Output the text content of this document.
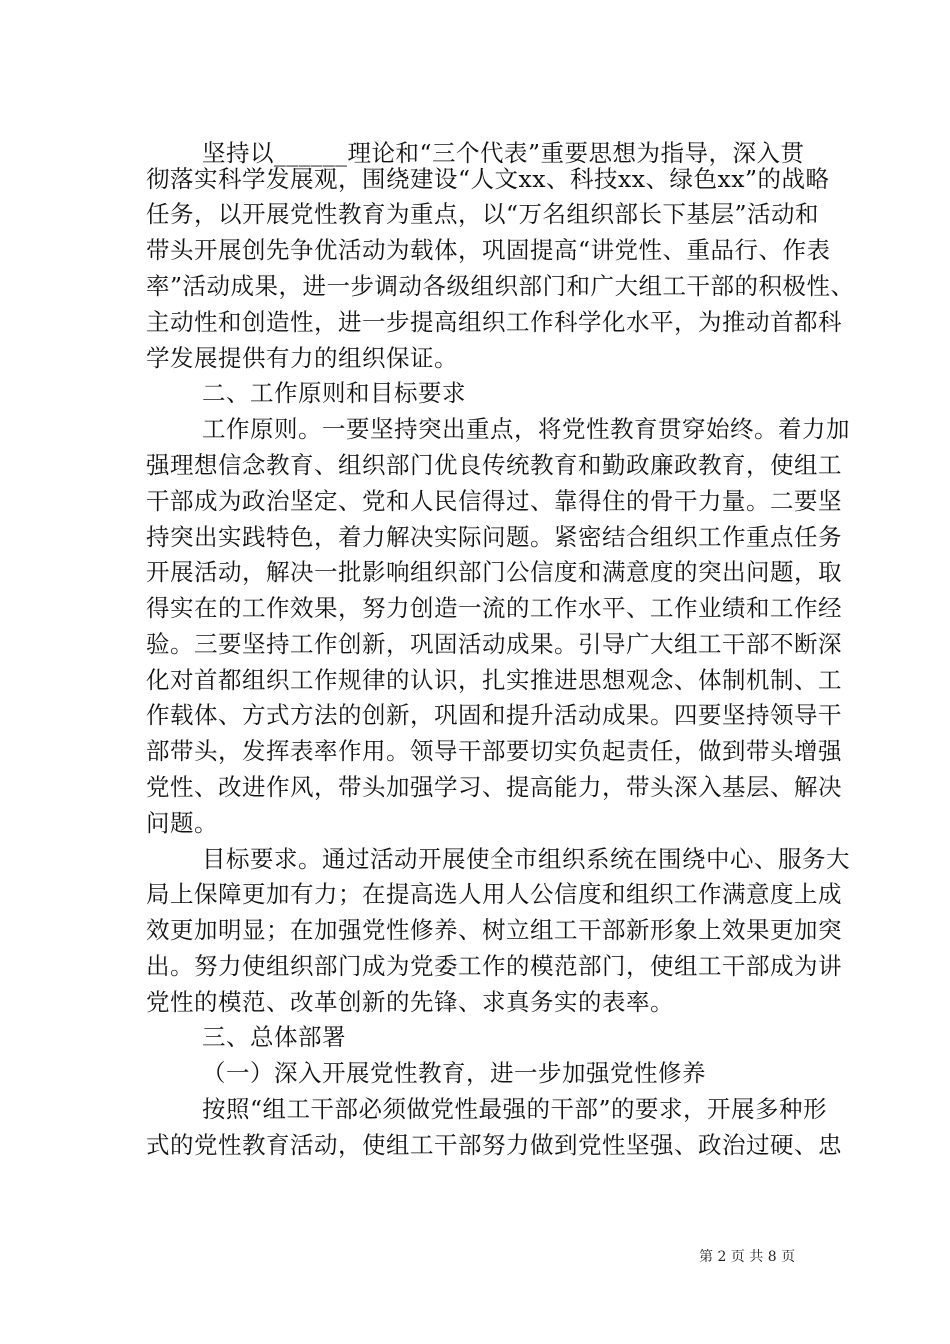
坚持以______理论和“三个代表”重要思想为指导，深入贯
彻落实科学发展观，围绕建设“人文xx、科技xx、绿色xx”的战略
任务，以开展党性教育为重点，以“万名组织部长下基层”活动和
带头开展创先争优活动为载体，巩固提高“讲党性、重品行、作表
率”活动成果，进一步调动各级组织部门和广大组工干部的积极性、
主动性和创造性，进一步提高组织工作科学化水平，为推动首都科
学发展提供有力的组织保证。
二、工作原则和目标要求
工作原则。一要坚持突出重点，将党性教育贯穿始终。着力加
强理想信念教育、组织部门优良传统教育和勤政廉政教育，使组工
干部成为政治坚定、党和人民信得过、靠得住的骨干力量。二要坚
持突出实践特色，着力解决实际问题。紧密结合组织工作重点任务
开展活动，解决一批影响组织部门公信度和满意度的突出问题，取
得实在的工作效果，努力创造一流的工作水平、工作业绩和工作经
验。三要坚持工作创新，巩固活动成果。引导广大组工干部不断深
化对首都组织工作规律的认识，扎实推进思想观念、体制机制、工
作载体、方式方法的创新，巩固和提升活动成果。四要坚持领导干
部带头，发挥表率作用。领导干部要切实负起责任，做到带头增强
党性、改进作风，带头加强学习、提高能力，带头深入基层、解决
问题。
目标要求。通过活动开展使全市组织系统在围绕中心、服务大
局上保障更加有力；在提高选人用人公信度和组织工作满意度上成
效更加明显；在加强党性修养、树立组工干部新形象上效果更加突
出。努力使组织部门成为党委工作的模范部门，使组工干部成为讲
党性的模范、改革创新的先锋、求真务实的表率。
三、总体部署
（一）深入开展党性教育，进一步加强党性修养
按照“组工干部必须做党性最强的干部”的要求，开展多种形
式的党性教育活动，使组工干部努力做到党性坚强、政治过硬、忠
第 2 页 共 8 页
